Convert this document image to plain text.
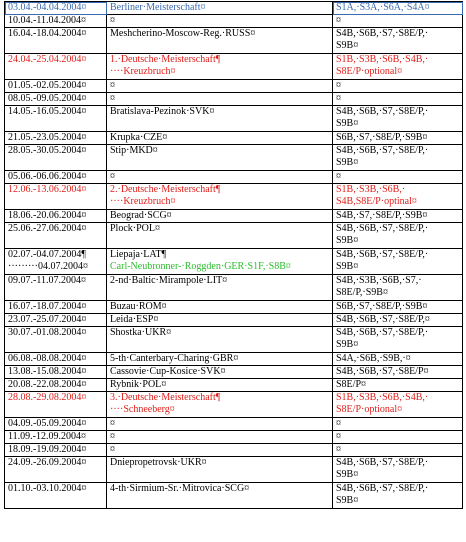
03.04.-04.04.2004¤	Berliner·Meisterschaft¤	S1A,·S3A,·S6A,·S4A¤

10.04.-11.04.2004¤	¤	¤

16.04.-18.04.2004¤	Meshcherino-Moscow-Reg.·RUSS¤	S4B,·S6B,·S7,·S8E/P,·
S9B¤

24.04.-25.04.2004¤	1.·Deutsche·Meisterschaft¶
····Kreuzbruch¤	S1B,·S3B,·S6B,·S4B,·
S8E/P·optional¤

01.05.-02.05.2004¤	¤	¤

08.05.-09.05.2004¤	¤	¤

14.05.-16.05.2004¤	Bratislava-Pezinok·SVK¤	S4B,·S6B,·S7,·S8E/P,·
S9B¤

21.05.-23.05.2004¤	Krupka·CZE¤	S6B,·S7,·S8E/P,·S9B¤

28.05.-30.05.2004¤	Stip·MKD¤	S4B,·S6B,·S7,·S8E/P,·
S9B¤

05.06.-06.06.2004¤	¤	¤

12.06.-13.06.2004¤	2.·Deutsche·Meisterschaft¶
····Kreuzbruch¤	S1B,·S3B,·S6B,·
S4B,S8E/P·optinal¤

18.06.-20.06.2004¤	Beograd·SCG¤	S4B,·S7,·S8E/P,·S9B¤

25.06.-27.06.2004¤	Plock·POL¤	S4B,·S6B,·S7,·S8E/P,·
S9B¤

02.07.-04.07.2004¶
·········04.07.2004¤	Liepaja·LAT¶
Carl-Neubronner-·Roggden·GER·S1F,·S8B¤	S4B,·S6B,·S7,·S8E/P,·
S9B¤

09.07.-11.07.2004¤	2-nd·Baltic·Mirampole·LIT¤	S4B,·S3B,·S6B,·S7,·
S8E/P,·S9B¤

16.07.-18.07.2004¤	Buzau·ROM¤	S6B,·S7,·S8E/P,·S9B¤

23.07.-25.07.2004¤	Leida·ESP¤	S4B,·S6B,·S7,·S8E/P,¤

30.07.-01.08.2004¤	Shostka·UKR¤	S4B,·S6B,·S7,·S8E/P,·
S9B¤

06.08.-08.08.2004¤	5-th·Canterbary-Charing·GBR¤	S4A,·S6B,·S9B,·¤

13.08.-15.08.2004¤	Cassovie·Cup-Kosice·SVK¤	S4B,·S6B,·S7,·S8E/P¤

20.08.-22.08.2004¤	Rybnik·POL¤	S8E/P¤

28.08.-29.08.2004¤	3.·Deutsche·Meisterschaft¶
····Schneeberg¤	S1B,·S3B,·S6B,·S4B,·
S8E/P·optional¤

04.09.-05.09.2004¤	¤	¤

11.09.-12.09.2004¤	¤	¤

18.09.-19.09.2004¤	¤	¤

24.09.-26.09.2004¤	Dniepropetrovsk·UKR¤	S4B,·S6B,·S7,·S8E/P,·
S9B¤

01.10.-03.10.2004¤	4-th·Sirmium-Sr.·Mitrovica·SCG¤	S4B,·S6B,·S7,·S8E/P,·
S9B¤
